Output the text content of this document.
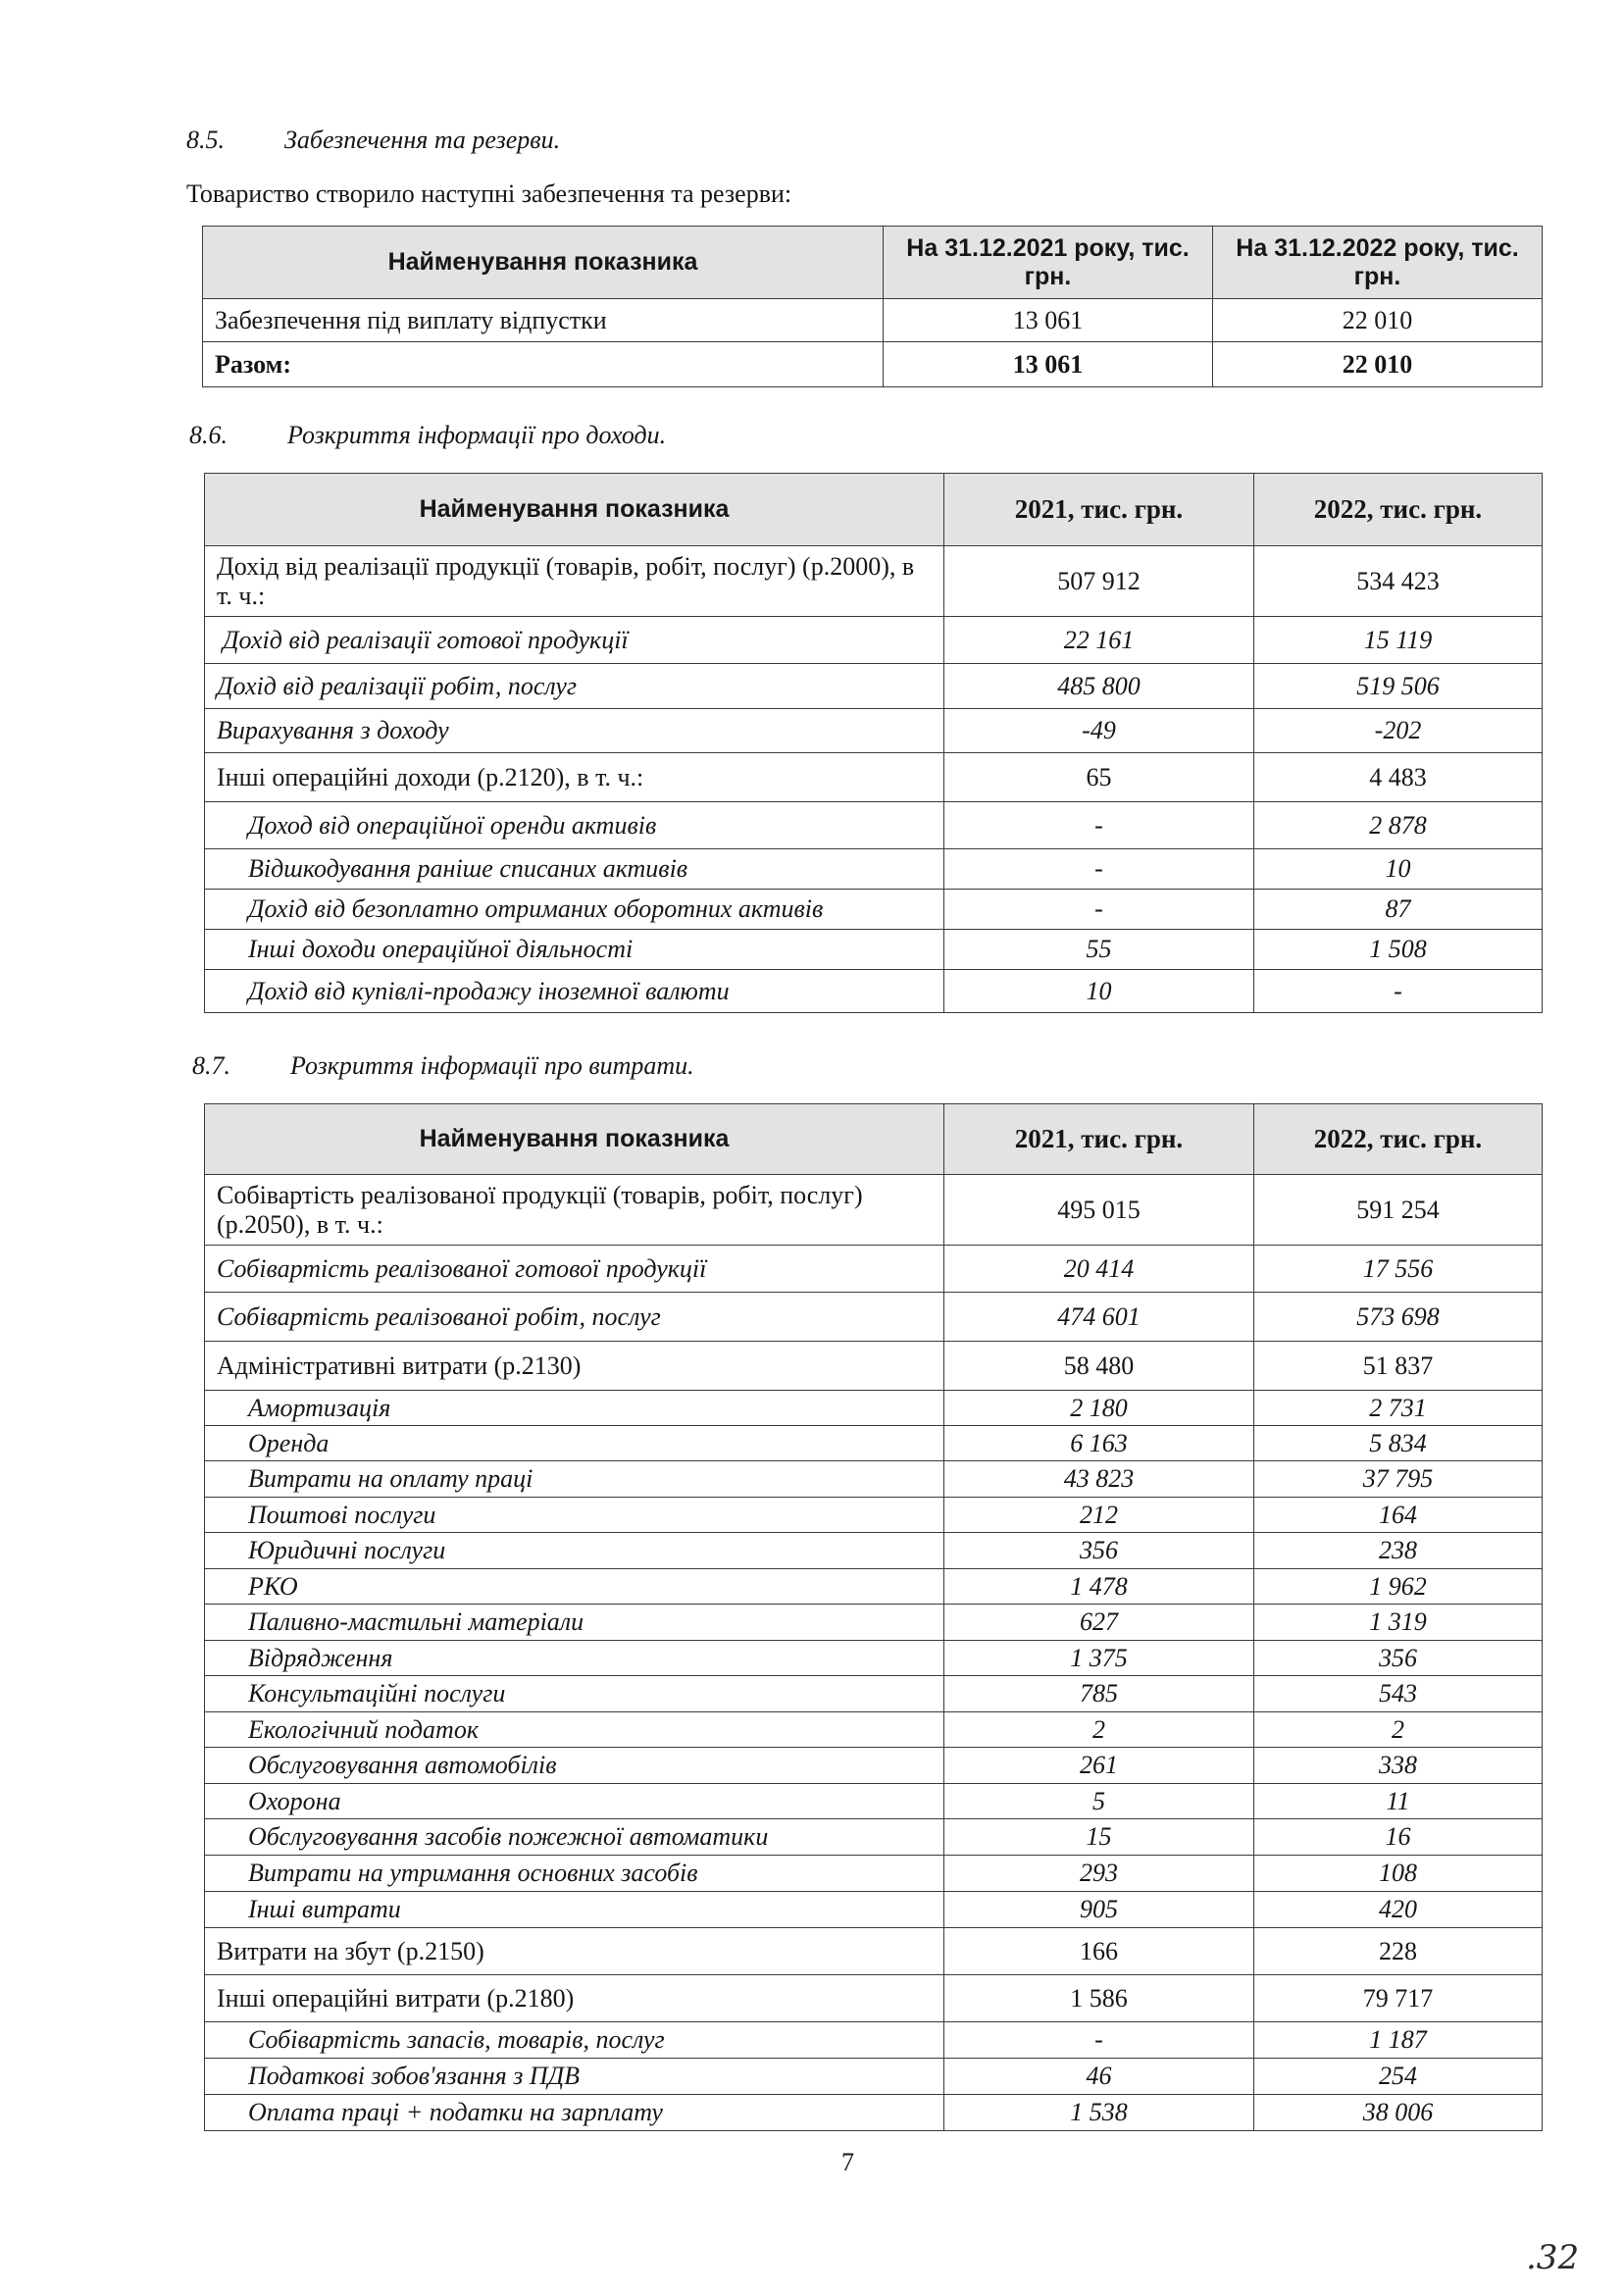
8.5. Забезпечення та резерви.
Товариство створило наступні забезпечення та резерви:
Найменування показника	На 31.12.2021 року, тис. грн.	На 31.12.2022 року, тис. грн.
Забезпечення під виплату відпустки	13 061	22 010
Разом:	13 061	22 010
8.6. Розкриття інформації про доходи.
Найменування показника	2021, тис. грн.	2022, тис. грн.
Дохід від реалізації продукції (товарів, робіт, послуг) (р.2000), в т. ч.:	507 912	534 423
Дохід від реалізації готової продукції	22 161	15 119
Дохід від реалізації робіт, послуг	485 800	519 506
Вирахування з доходу	-49	-202
Інші операційні доходи (р.2120), в т. ч.:	65	4 483
Доход від операційної оренди активів	-	2 878
Відшкодування раніше списаних активів	-	10
Дохід від безоплатно отриманих оборотних активів	-	87
Інші доходи операційної діяльності	55	1 508
Дохід від купівлі-продажу іноземної валюти	10	-
8.7. Розкриття інформації про витрати.
Найменування показника	2021, тис. грн.	2022, тис. грн.
Собівартість реалізованої продукції (товарів, робіт, послуг) (р.2050), в т. ч.:	495 015	591 254
Собівартість реалізованої готової продукції	20 414	17 556
Собівартість реалізованої робіт, послуг	474 601	573 698
Адміністративні витрати (р.2130)	58 480	51 837
Амортизація	2 180	2 731
Оренда	6 163	5 834
Витрати на оплату праці	43 823	37 795
Поштові послуги	212	164
Юридичні послуги	356	238
РКО	1 478	1 962
Паливно-мастильні матеріали	627	1 319
Відрядження	1 375	356
Консультаційні послуги	785	543
Екологічний податок	2	2
Обслуговування автомобілів	261	338
Охорона	5	11
Обслуговування засобів пожежної автоматики	15	16
Витрати на утримання основних засобів	293	108
Інші витрати	905	420
Витрати на збут (р.2150)	166	228
Інші операційні витрати (р.2180)	1 586	79 717
Собівартість запасів, товарів, послуг	-	1 187
Податкові зобов'язання з ПДВ	46	254
Оплата праці + податки на зарплату	1 538	38 006
7
.32
